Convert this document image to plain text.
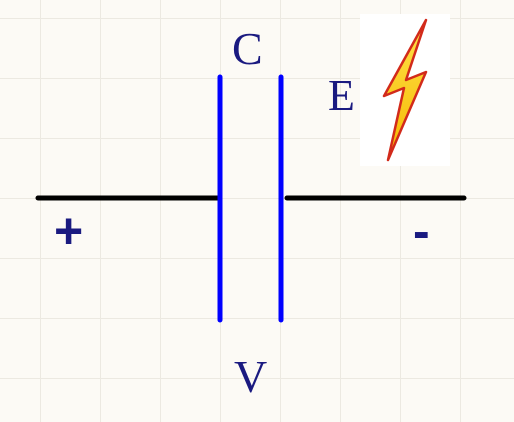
C
E
V
+	-
